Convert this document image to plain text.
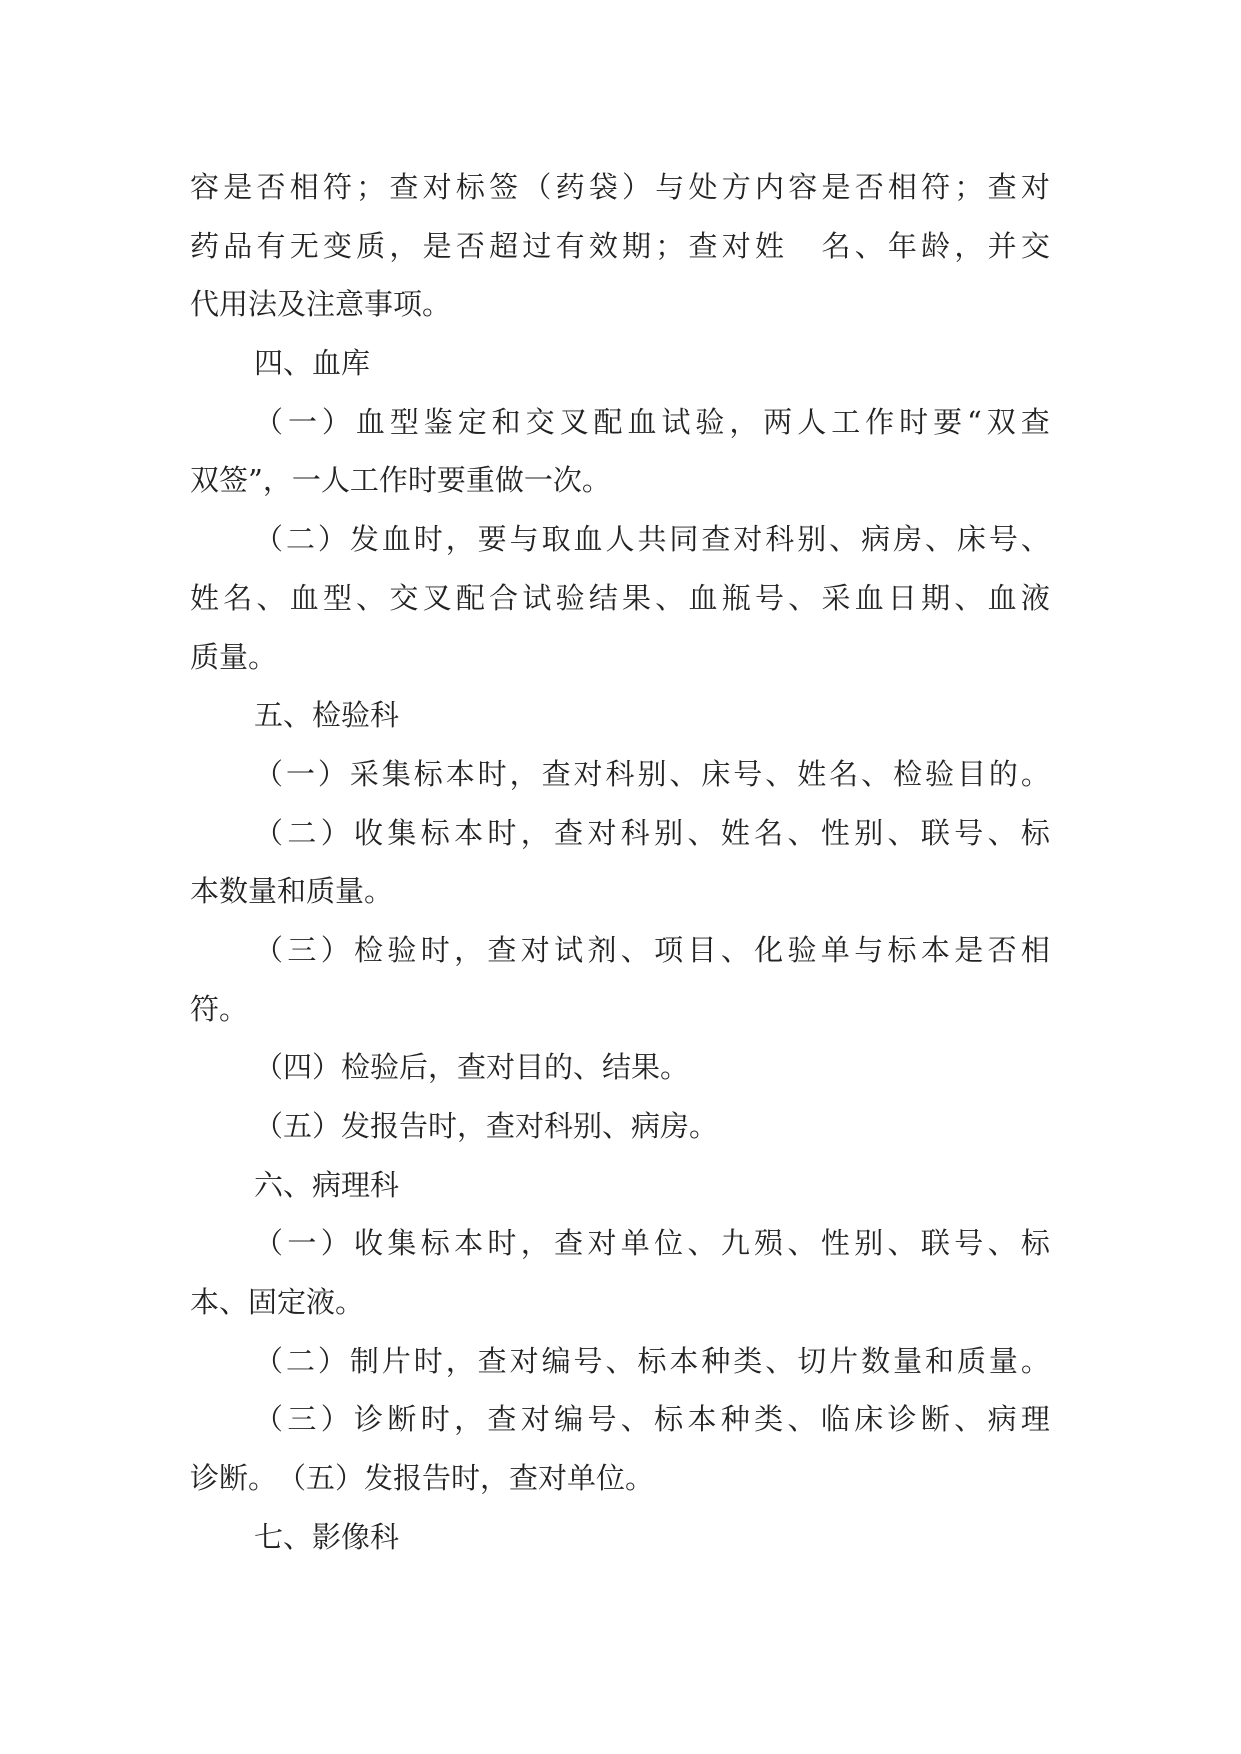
容 是 否 相 符 ； 查 对 标 签 （ 药 袋 ） 与 处 方 内 容 是 否 相 符 ； 查 对
药 品 有 无 变 质 ， 是 否 超 过 有 效 期 ； 查 对 姓
　 名 、 年 龄 ， 并 交
代用法及注意事项。
四、血库
（ 一 ） 血 型 鉴 定 和 交 叉 配 血 试 验 ， 两 人 工 作 时 要 “ 双 查
双签”，一人工作时要重做一次。
（ 二 ） 发 血 时 ， 要 与 取 血 人 共 同 查 对 科 别 、 病 房 、 床 号 、
姓 名 、 血 型 、 交 叉 配 合 试 验 结 果 、 血 瓶 号 、 采 血 日 期 、 血 液
质量。
五、检验科
（ 一 ） 采 集 标 本 时 ， 查 对 科 别 、 床 号 、 姓 名 、 检 验 目 的 。
（ 二 ） 收 集 标 本 时 ， 查 对 科 别 、 姓 名 、 性 别 、 联 号 、 标
本数量和质量。
（ 三 ） 检 验 时 ， 查 对 试 剂 、 项 目 、 化 验 单 与 标 本 是 否 相
符。
（四）检验后，查对目的、结果。
（五）发报告时，查对科别、病房。
六、病理科
（ 一 ） 收 集 标 本 时 ， 查 对 单 位 、 九 殒 、 性 别 、 联 号 、 标
本、固定液。
（ 二 ） 制 片 时 ， 查 对 编 号 、 标 本 种 类 、 切 片 数 量 和 质 量 。
（ 三 ） 诊 断 时 ， 查 对 编 号 、 标 本 种 类 、 临 床 诊 断 、 病 理
诊断。　（五）发报告时，查对单位。
七、影像科
